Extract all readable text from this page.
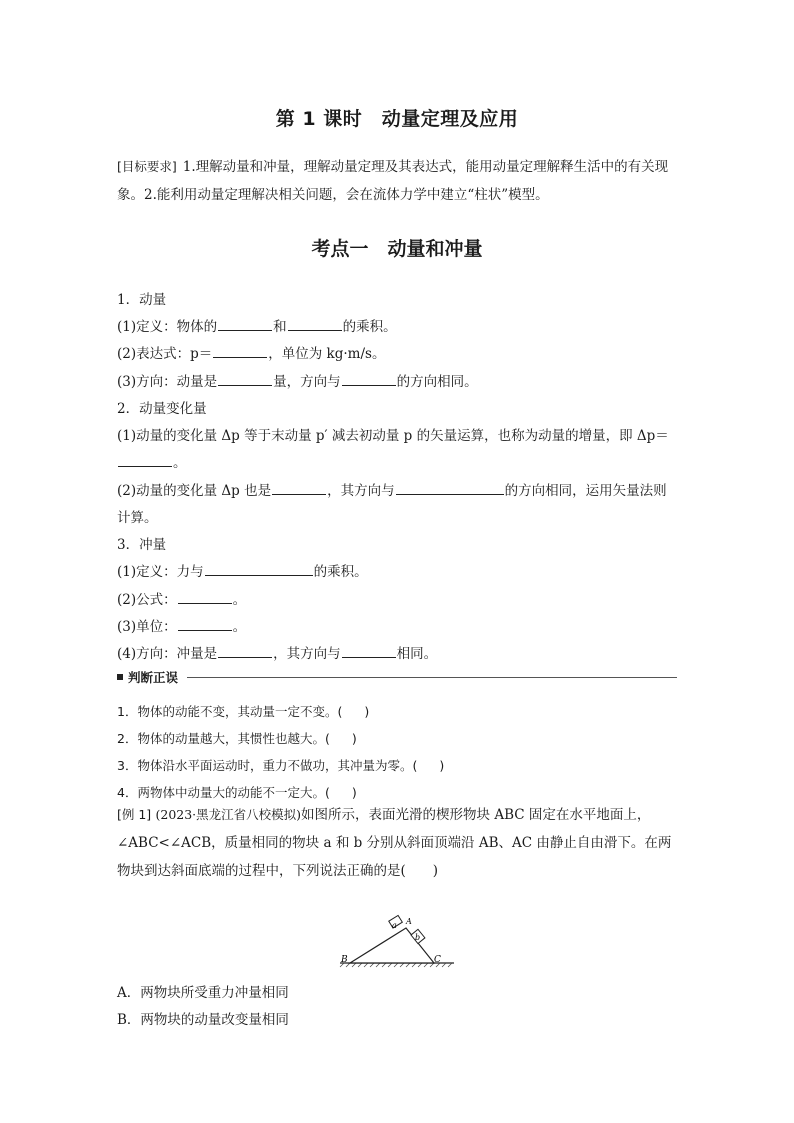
第 1 课时　动量定理及应用
[目标要求] 1.理解动量和冲量，理解动量定理及其表达式，能用动量定理解释生活中的有关现象。2.能利用动量定理解决相关问题，会在流体力学中建立“柱状”模型。
考点一　动量和冲量
1．动量
(1)定义：物体的	和	的乘积。
(2)表达式：p＝	，单位为 kg·m/s。
(3)方向：动量是	量，方向与	的方向相同。
2．动量变化量
(1)动量的变化量 Δp 等于末动量 p′ 减去初动量 p 的矢量运算，也称为动量的增量，即 Δp＝
。
(2)动量的变化量 Δp 也是	，其方向与	的方向相同，运用矢量法则
计算。
3．冲量
(1)定义：力与	的乘积。
(2)公式：	。
(3)单位：	。
(4)方向：冲量是	，其方向与	相同。
判断正误
1．物体的动能不变，其动量一定不变。( )
2．物体的动量越大，其惯性也越大。( )
3．物体沿水平面运动时，重力不做功，其冲量为零。( )
4．两物体中动量大的动能不一定大。( )
[例 1] (2023·黑龙江省八校模拟)如图所示，表面光滑的楔形物块 ABC 固定在水平地面上，∠ABC<∠ACB，质量相同的物块 a 和 b 分别从斜面顶端沿 AB、AC 由静止自由滑下。在两物块到达斜面底端的过程中，下列说法正确的是(　　)
a A
b
B	C
A．两物块所受重力冲量相同
B．两物块的动量改变量相同
